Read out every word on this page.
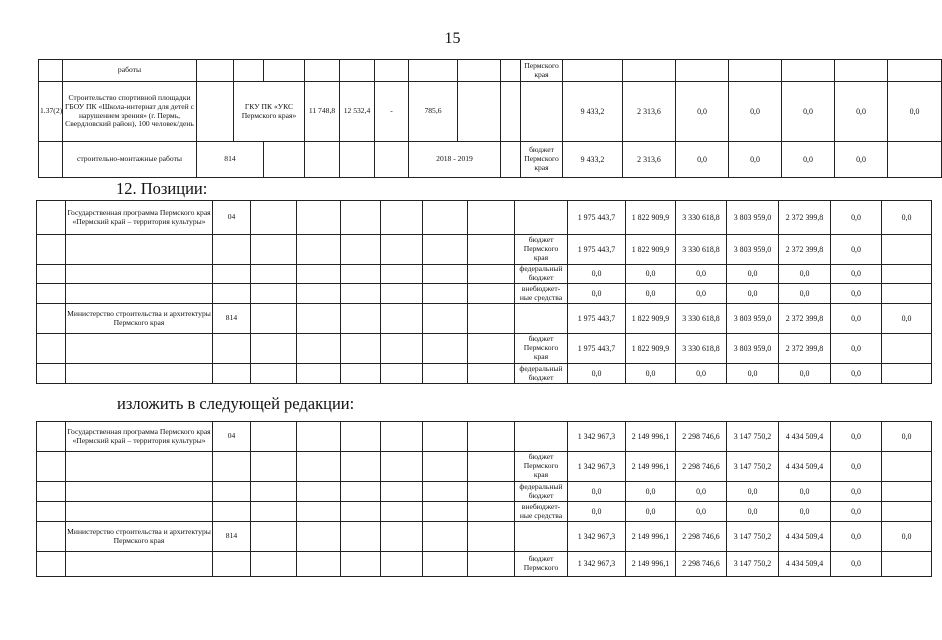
15
	работы										Пермского края							
1.37(2)	Строительство спортивной площадки ГБОУ ПК «Школа-интернат для детей с нарушением зрения» (г. Пермь, Свердловский район), 100 человек/день		ГКУ ПК «УКС Пермского края»		11 748,8	12 532,4	-	785,6				9 433,2	2 313,6	0,0	0,0	0,0	0,0	0,0
	строительно-монтажные работы	814						2018 - 2019			бюджет Пермского края	9 433,2	2 313,6	0,0	0,0	0,0	0,0	
12. Позиции:
	Государственная программа Пермского края «Пермский край – территория культуры»	04								1 975 443,7	1 822 909,9	3 330 618,8	3 803 959,0	2 372 399,8	0,0	0,0
									бюджет Пермского края	1 975 443,7	1 822 909,9	3 330 618,8	3 803 959,0	2 372 399,8	0,0	
									федеральный бюджет	0,0	0,0	0,0	0,0	0,0	0,0	
									внебюджет-ные средства	0,0	0,0	0,0	0,0	0,0	0,0	
	Министерство строительства и архитектуры Пермского края	814								1 975 443,7	1 822 909,9	3 330 618,8	3 803 959,0	2 372 399,8	0,0	0,0
									бюджет Пермского края	1 975 443,7	1 822 909,9	3 330 618,8	3 803 959,0	2 372 399,8	0,0	
									федеральный бюджет	0,0	0,0	0,0	0,0	0,0	0,0	
изложить в следующей редакции:
	Государственная программа Пермского края «Пермский край – территория культуры»	04								1 342 967,3	2 149 996,1	2 298 746,6	3 147 750,2	4 434 509,4	0,0	0,0
									бюджет Пермского края	1 342 967,3	2 149 996,1	2 298 746,6	3 147 750,2	4 434 509,4	0,0	
									федеральный бюджет	0,0	0,0	0,0	0,0	0,0	0,0	
									внебюджет-ные средства	0,0	0,0	0,0	0,0	0,0	0,0	
	Министерство строительства и архитектуры Пермского края	814								1 342 967,3	2 149 996,1	2 298 746,6	3 147 750,2	4 434 509,4	0,0	0,0
									бюджет Пермского	1 342 967,3	2 149 996,1	2 298 746,6	3 147 750,2	4 434 509,4	0,0	
